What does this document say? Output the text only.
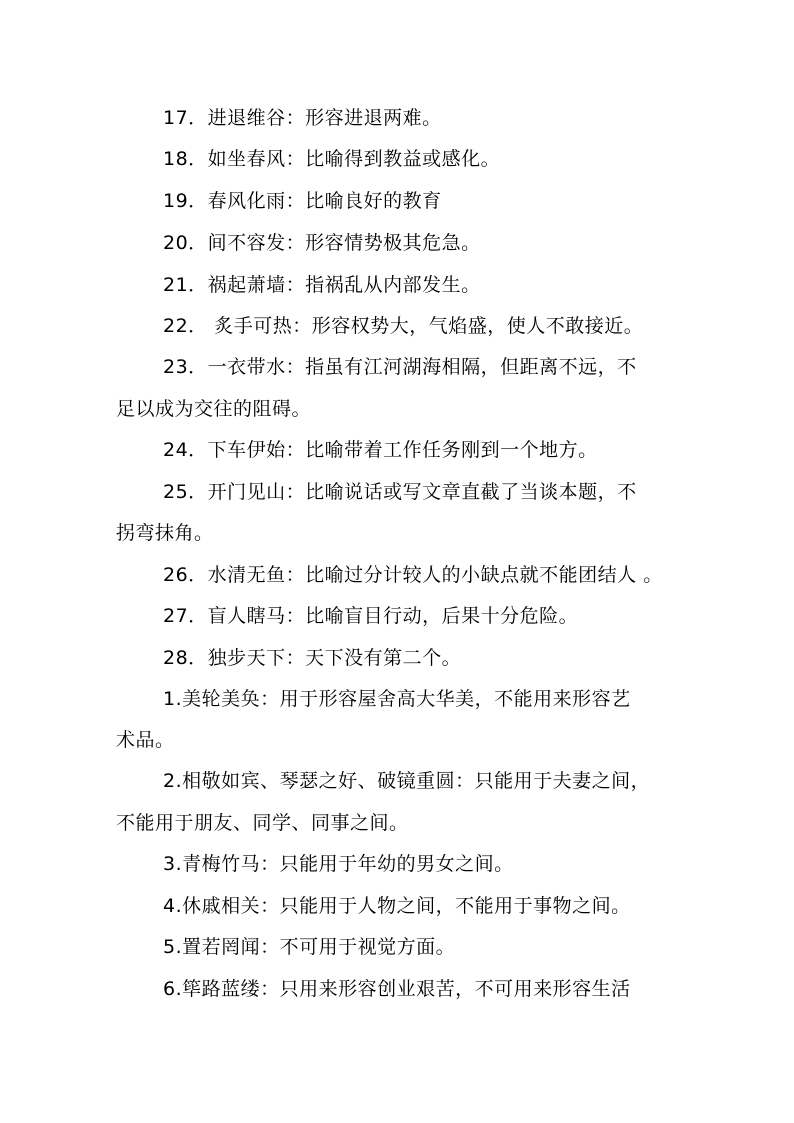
17．进退维谷：形容进退两难。
18．如坐春风：比喻得到教益或感化。
19．春风化雨：比喻良好的教育
20．间不容发：形容情势极其危急。
21．祸起萧墙：指祸乱从内部发生。
22． 炙手可热：形容权势大，气焰盛，使人不敢接近。
23．一衣带水：指虽有江河湖海相隔，但距离不远，不
足以成为交往的阻碍。
24．下车伊始：比喻带着工作任务刚到一个地方。
25．开门见山：比喻说话或写文章直截了当谈本题，不
拐弯抹角。
26．水清无鱼：比喻过分计较人的小缺点就不能团结人 。
27．盲人瞎马：比喻盲目行动，后果十分危险。
28．独步天下：天下没有第二个。
1.美轮美奂：用于形容屋舍高大华美，不能用来形容艺
术品。
2.相敬如宾、琴瑟之好、破镜重圆：只能用于夫妻之间，
不能用于朋友、同学、同事之间。
3.青梅竹马：只能用于年幼的男女之间。
4.休戚相关：只能用于人物之间，不能用于事物之间。
5.置若罔闻：不可用于视觉方面。
6.筚路蓝缕：只用来形容创业艰苦，不可用来形容生活
